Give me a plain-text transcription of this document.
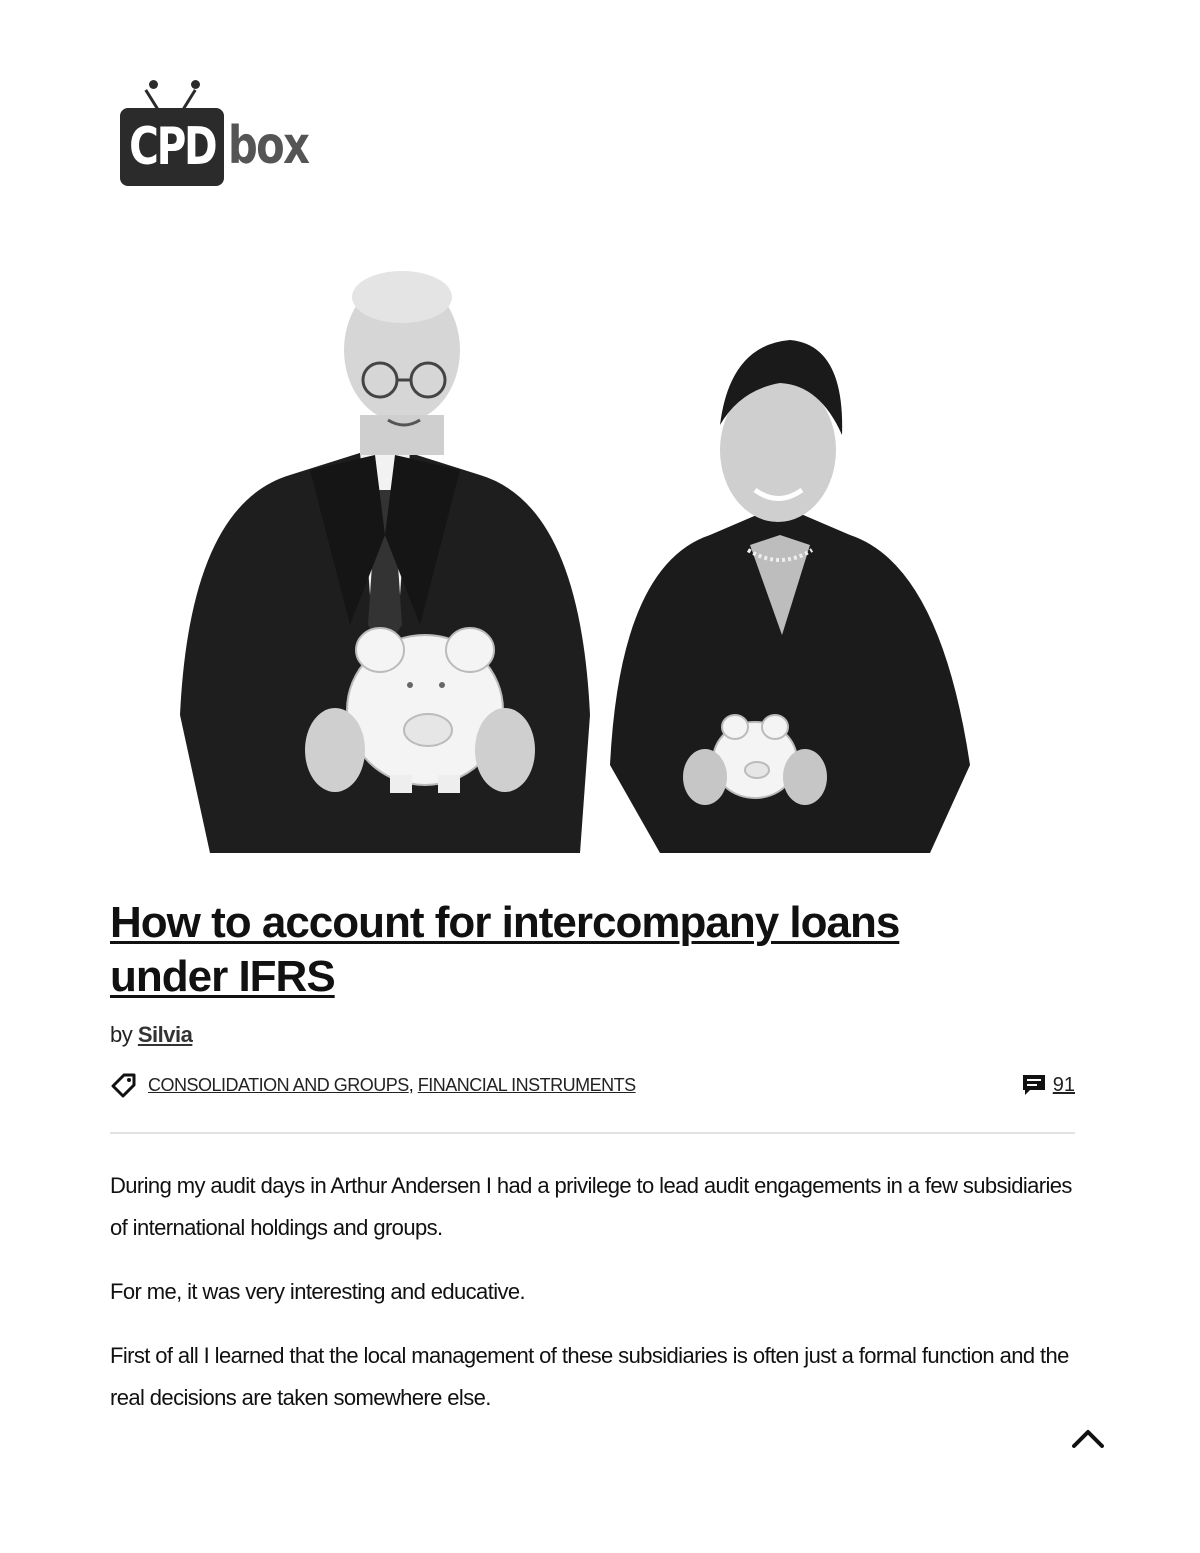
CPD box
How to account for intercompany loans under IFRS
by Silvia
CONSOLIDATION AND GROUPS, FINANCIAL INSTRUMENTS	91

During my audit days in Arthur Andersen I had a privilege to lead audit engagements in a few subsidiaries of international holdings and groups.

For me, it was very interesting and educative.

First of all I learned that the local management of these subsidiaries is often just a formal function and the real decisions are taken somewhere else.
